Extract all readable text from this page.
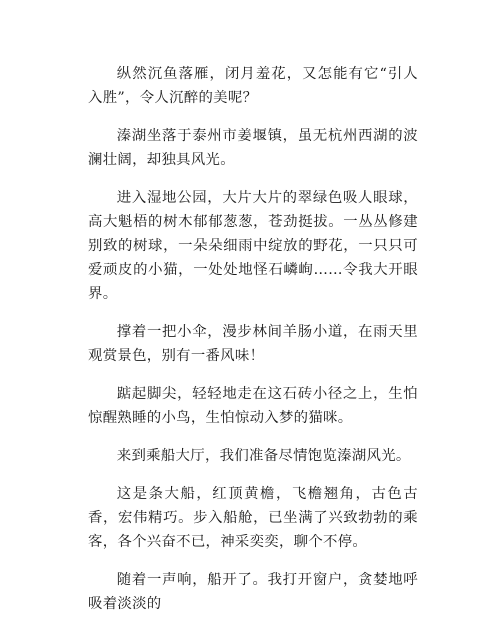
纵然沉鱼落雁，闭月羞花，又怎能有它“引人入胜”，令人沉醉的美呢？

溱湖坐落于泰州市姜堰镇，虽无杭州西湖的波澜壮阔，却独具风光。

进入湿地公园，大片大片的翠绿色吸人眼球，高大魁梧的树木郁郁葱葱，苍劲挺拔。一丛丛修建别致的树球，一朵朵细雨中绽放的野花，一只只可爱顽皮的小猫，一处处地怪石嶙峋……令我大开眼界。

撑着一把小伞，漫步林间羊肠小道，在雨天里观赏景色，别有一番风味！

踮起脚尖，轻轻地走在这石砖小径之上，生怕惊醒熟睡的小鸟，生怕惊动入梦的猫咪。

来到乘船大厅，我们准备尽情饱览溱湖风光。

这是条大船，红顶黄檐，飞檐翘角，古色古香，宏伟精巧。步入船舱，已坐满了兴致勃勃的乘客，各个兴奋不已，神采奕奕，聊个不停。

随着一声响，船开了。我打开窗户，贪婪地呼吸着淡淡的
